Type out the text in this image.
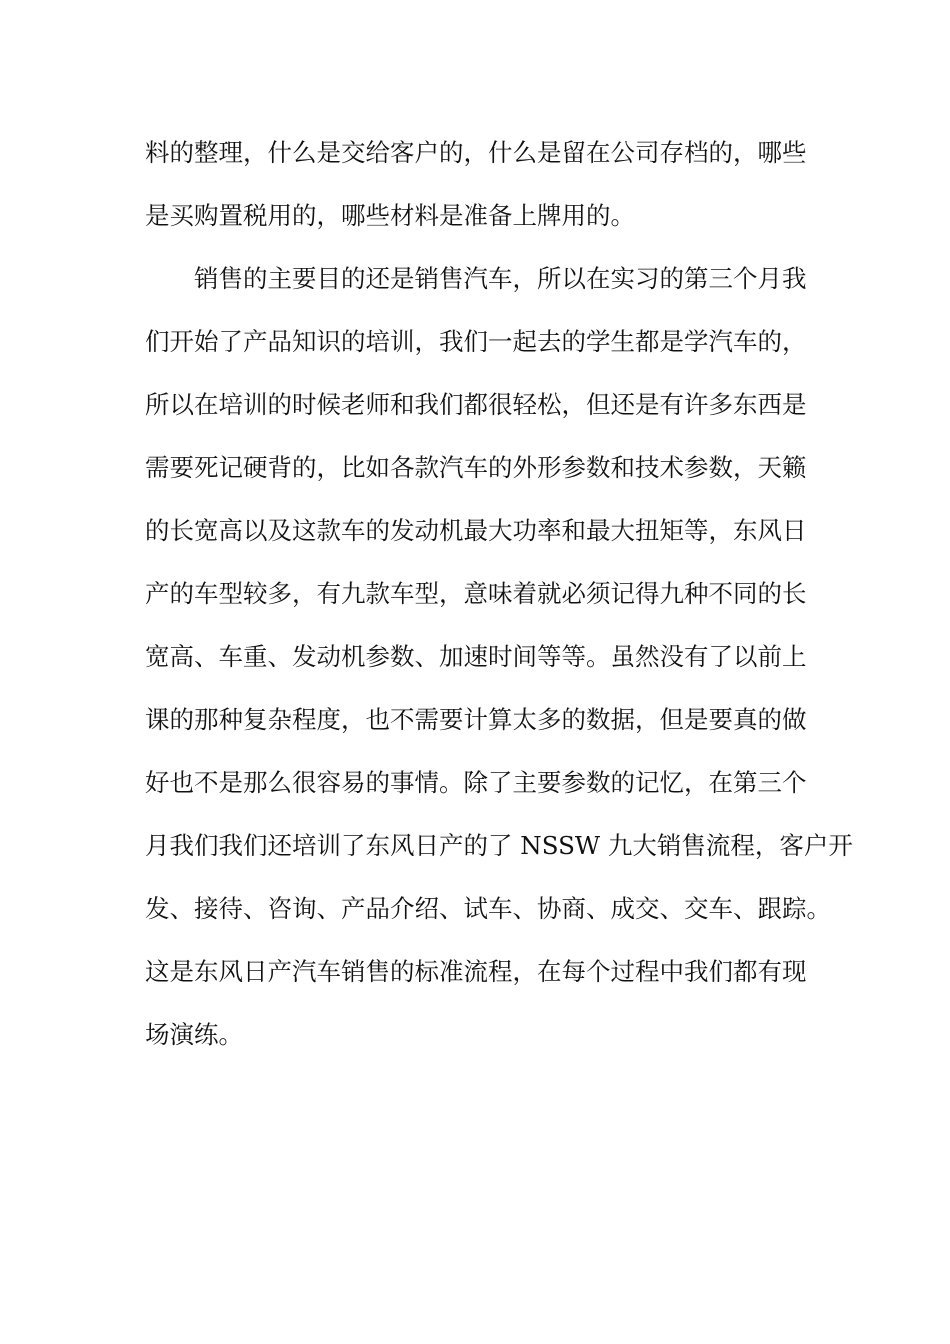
料的整理，什么是交给客户的，什么是留在公司存档的，哪些
是买购置税用的，哪些材料是准备上牌用的。
销售的主要目的还是销售汽车，所以在实习的第三个月我
们开始了产品知识的培训，我们一起去的学生都是学汽车的，
所以在培训的时候老师和我们都很轻松，但还是有许多东西是
需要死记硬背的，比如各款汽车的外形参数和技术参数，天籁
的长宽高以及这款车的发动机最大功率和最大扭矩等，东风日
产的车型较多，有九款车型，意味着就必须记得九种不同的长
宽高、车重、发动机参数、加速时间等等。虽然没有了以前上
课的那种复杂程度，也不需要计算太多的数据，但是要真的做
好也不是那么很容易的事情。除了主要参数的记忆，在第三个
月我们我们还培训了东风日产的了 NSSW 九大销售流程，客户开
发、接待、咨询、产品介绍、试车、协商、成交、交车、跟踪。
这是东风日产汽车销售的标准流程，在每个过程中我们都有现
场演练。
